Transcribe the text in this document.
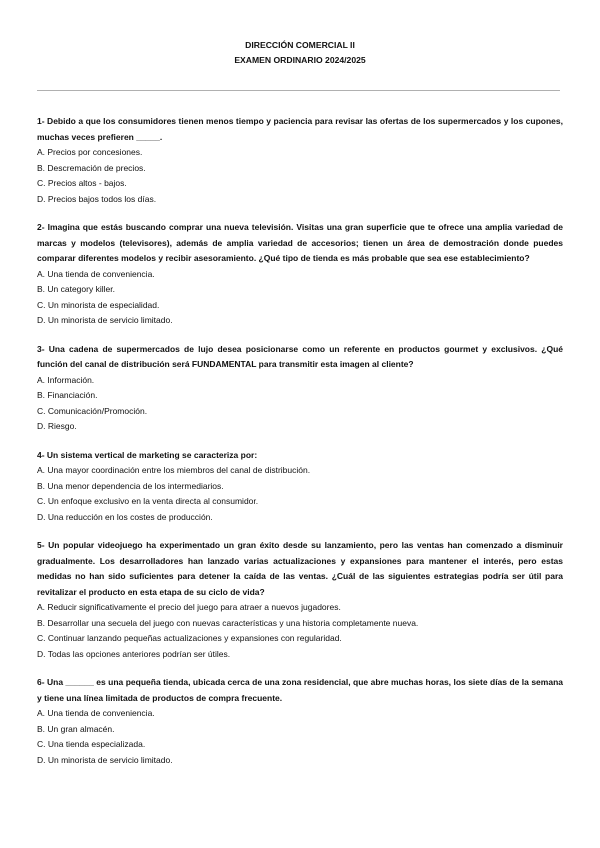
DIRECCIÓN COMERCIAL II
EXAMEN ORDINARIO 2024/2025

1- Debido a que los consumidores tienen menos tiempo y paciencia para revisar las ofertas de los supermercados y los cupones, muchas veces prefieren _____.

A. Precios por concesiones.
B. Descremación de precios.
C. Precios altos - bajos.
D. Precios bajos todos los días.

2- Imagina que estás buscando comprar una nueva televisión. Visitas una gran superficie que te ofrece una amplia variedad de marcas y modelos (televisores), además de amplia variedad de accesorios; tienen un área de demostración donde puedes comparar diferentes modelos y recibir asesoramiento. ¿Qué tipo de tienda es más probable que sea ese establecimiento?

A. Una tienda de conveniencia.
B. Un category killer.
C. Un minorista de especialidad.
D. Un minorista de servicio limitado.

3- Una cadena de supermercados de lujo desea posicionarse como un referente en productos gourmet y exclusivos. ¿Qué función del canal de distribución será FUNDAMENTAL para transmitir esta imagen al cliente?

A. Información.
B. Financiación.
C. Comunicación/Promoción.
D. Riesgo.

4- Un sistema vertical de marketing se caracteriza por:

A. Una mayor coordinación entre los miembros del canal de distribución.
B. Una menor dependencia de los intermediarios.
C. Un enfoque exclusivo en la venta directa al consumidor.
D. Una reducción en los costes de producción.

5- Un popular videojuego ha experimentado un gran éxito desde su lanzamiento, pero las ventas han comenzado a disminuir gradualmente. Los desarrolladores han lanzado varias actualizaciones y expansiones para mantener el interés, pero estas medidas no han sido suficientes para detener la caída de las ventas. ¿Cuál de las siguientes estrategias podría ser útil para revitalizar el producto en esta etapa de su ciclo de vida?

A. Reducir significativamente el precio del juego para atraer a nuevos jugadores.
B. Desarrollar una secuela del juego con nuevas características y una historia completamente nueva.
C. Continuar lanzando pequeñas actualizaciones y expansiones con regularidad.
D. Todas las opciones anteriores podrían ser útiles.

6- Una ______ es una pequeña tienda, ubicada cerca de una zona residencial, que abre muchas horas, los siete días de la semana y tiene una línea limitada de productos de compra frecuente.

A. Una tienda de conveniencia.
B. Un gran almacén.
C. Una tienda especializada.
D. Un minorista de servicio limitado.
